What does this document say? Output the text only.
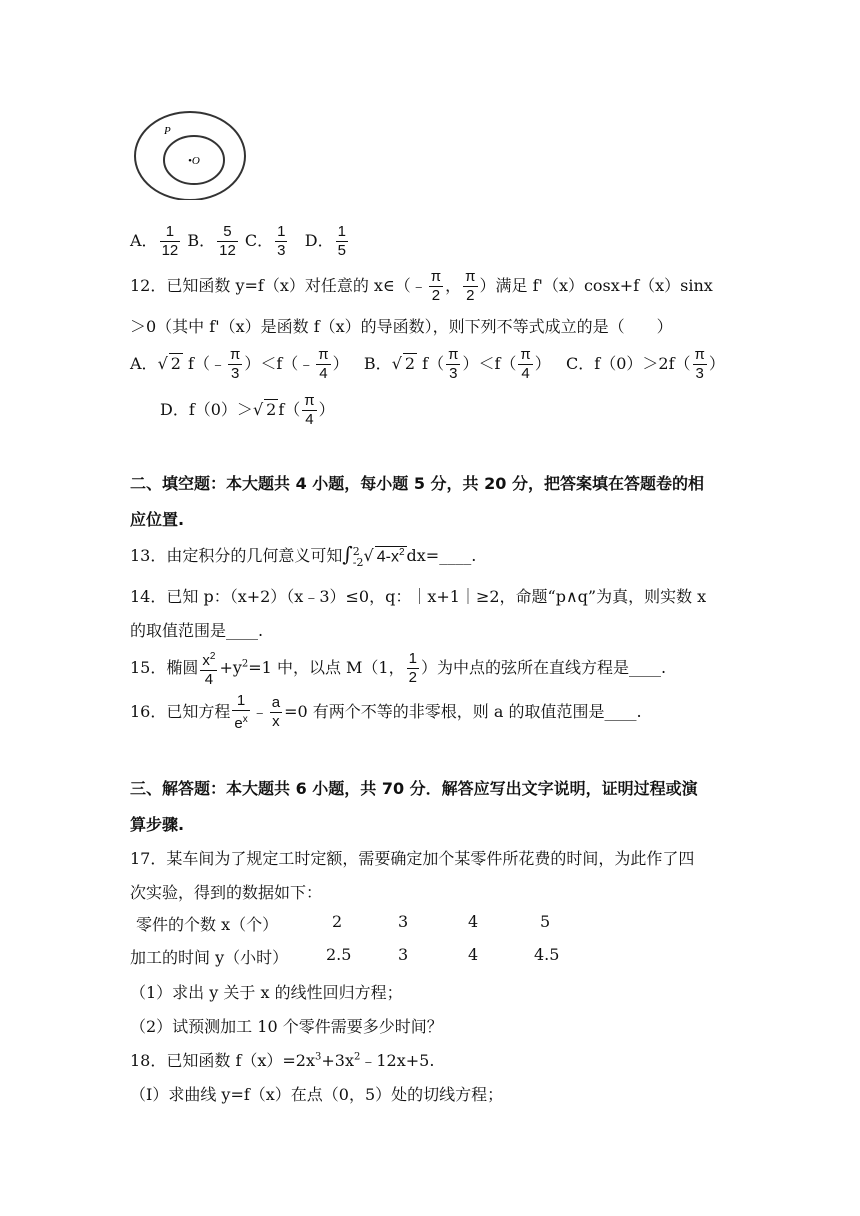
P
•O
A． $\frac{1}{12}$ B． $\frac{5}{12}$ C． $\frac{1}{3}$ D． $\frac{1}{5}$
12．已知函数 y=f（x）对任意的 x∈（﹣ $\frac{\pi}{2}$ ， $\frac{\pi}{2}$ ）满足 f'（x）cosx+f（x）sinx
＞0（其中 f'（x）是函数 f（x）的导函数），则下列不等式成立的是（　　）
A．√ 2 f（﹣ $\frac{\pi}{3}$ ）＜f（﹣ $\frac{\pi}{4}$ ） B．√ 2 $f( \frac{\pi}{3} )<f( \frac{\pi}{4}$ ） C．$f(0)>2f( \frac{\pi}{3}$ ）
D．f（0）＞√ 2 $f( \frac{\pi}{4}$ ）
二、填空题：本大题共 4 小题，每小题 5 分，共 20 分，把答案填在答题卷的相
应位置.
13．由定积分的几何意义可知∫ 2
-2 √ $4-x^2$ dx=____.
14．已知 p：（x+2）（x﹣3）≤0，q：｜x+1｜≥2，命题“p∧q”为真，则实数 x
的取值范围是____.
15．椭圆 $\frac{x^2}{4} +y^2=1$ 中，以点 M（1， $\frac{1}{2}$ ）为中点的弦所在直线方程是____.
16．已知方程 $\frac{1}{e^x}$ ﹣ $\frac{a}{x} =0$ 有两个不等的非零根，则 a 的取值范围是____.
三、解答题：本大题共 6 小题，共 70 分．解答应写出文字说明，证明过程或演
算步骤.
17．某车间为了规定工时定额，需要确定加个某零件所花费的时间，为此作了四
次实验，得到的数据如下：
零件的个数 x（个）	2	3	4	5
加工的时间 y（小时） 2.5	3	4	4.5
（1）求出 y 关于 x 的线性回归方程；
（2）试预测加工 10 个零件需要多少时间？
18．已知函数 $f(x)=2x^3+3x^2﹣12x+5$.
（Ⅰ）求曲线 y=f（x）在点（0，5）处的切线方程；
